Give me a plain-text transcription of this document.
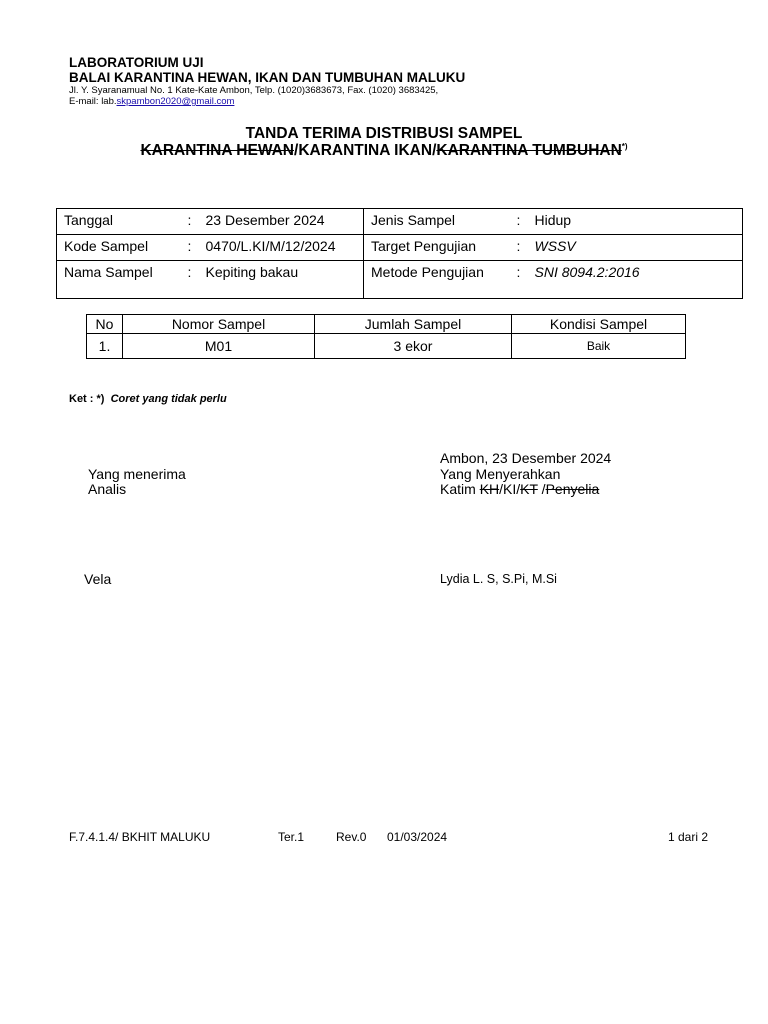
LABORATORIUM UJI
BALAI KARANTINA HEWAN, IKAN DAN TUMBUHAN MALUKU
Jl. Y. Syaranamual No. 1 Kate-Kate Ambon, Telp. (1020)3683673, Fax. (1020) 3683425,
E-mail: lab.skpambon2020@gmail.com
TANDA TERIMA DISTRIBUSI SAMPEL
KARANTINA HEWAN/KARANTINA IKAN/KARANTINA TUMBUHAN*)
Tanggal	:	23 Desember 2024	Jenis Sampel	:	Hidup
Kode Sampel	:	0470/L.KI/M/12/2024	Target Pengujian	:	WSSV
Nama Sampel	:	Kepiting bakau	Metode Pengujian	:	SNI 8094.2:2016
No	Nomor Sampel	Jumlah Sampel	Kondisi Sampel
1.	M01	3 ekor	Baik
Ket : *) Coret yang tidak perlu
Yang menerima
Analis
Vela
Ambon, 23 Desember 2024
Yang Menyerahkan
Katim KH/KI/KT /Penyelia
Lydia L. S, S.Pi, M.Si
F.7.4.1.4/ BKHIT MALUKU	Ter.1	Rev.0 01/03/2024	1 dari 2
